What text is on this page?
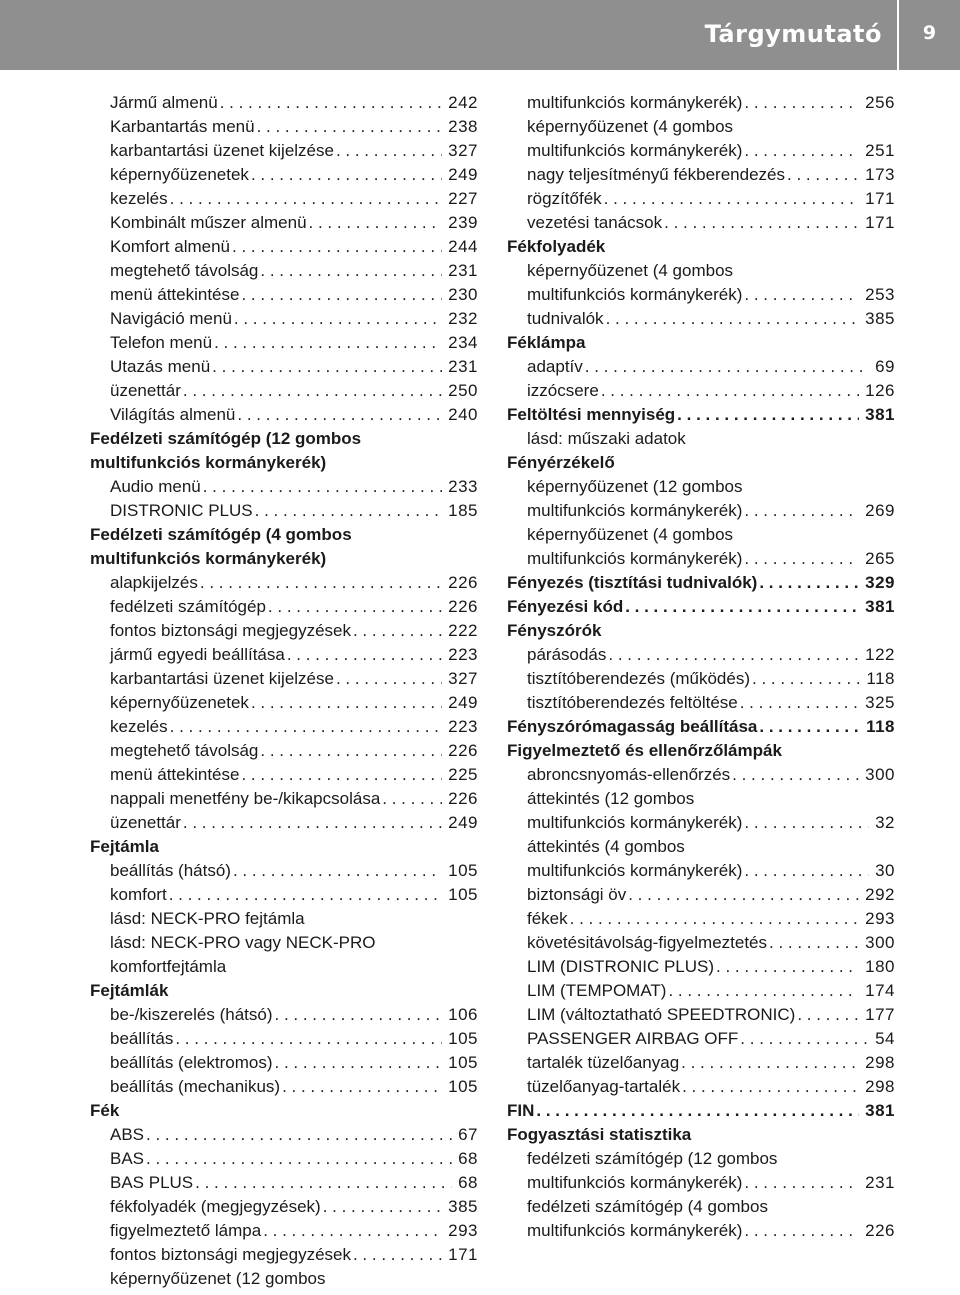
Tárgymutató	9
Jármű almenü . . .	242
Karbantartás menü . . .	238
karbantartási üzenet kijelzése . . .	327
képernyőüzenetek . . .	249
kezelés . . .	227
Kombinált műszer almenü . . .	239
Komfort almenü . . .	244
megtehető távolság . . .	231
menü áttekintése . . .	230
Navigáció menü . . .	232
Telefon menü . . .	234
Utazás menü . . .	231
üzenettár . . .	250
Világítás almenü . . .	240
Fedélzeti számítógép (12 gombos
multifunkciós kormánykerék)
Audio menü . . .	233
DISTRONIC PLUS . . .	185
Fedélzeti számítógép (4 gombos
multifunkciós kormánykerék)
alapkijelzés . . .	226
fedélzeti számítógép . . .	226
fontos biztonsági megjegyzések . . .	222
jármű egyedi beállítása . . .	223
karbantartási üzenet kijelzése . . .	327
képernyőüzenetek . . .	249
kezelés . . .	223
megtehető távolság . . .	226
menü áttekintése . . .	225
nappali menetfény be-/kikapcsolása . . .	226
üzenettár . . .	249
Fejtámla
beállítás (hátsó) . . .	105
komfort . . .	105
lásd: NECK-PRO fejtámla
lásd: NECK-PRO vagy NECK-PRO
komfortfejtámla
Fejtámlák
be-/kiszerelés (hátsó) . . .	106
beállítás . . .	105
beállítás (elektromos) . . .	105
beállítás (mechanikus) . . .	105
Fék
ABS . . .	67
BAS . . .	68
BAS PLUS . . .	68
fékfolyadék (megjegyzések) . . .	385
figyelmeztető lámpa . . .	293
fontos biztonsági megjegyzések . . .	171
képernyőüzenet (12 gombos
multifunkciós kormánykerék) . . .	256
képernyőüzenet (4 gombos
multifunkciós kormánykerék) . . .	251
nagy teljesítményű fékberendezés . . .	173
rögzítőfék . . .	171
vezetési tanácsok . . .	171
Fékfolyadék
képernyőüzenet (4 gombos
multifunkciós kormánykerék) . . .	253
tudnivalók . . .	385
Féklámpa
adaptív . . .	69
izzócsere . . .	126
Feltöltési mennyiség . . .	381
lásd: műszaki adatok
Fényérzékelő
képernyőüzenet (12 gombos
multifunkciós kormánykerék) . . .	269
képernyőüzenet (4 gombos
multifunkciós kormánykerék) . . .	265
Fényezés (tisztítási tudnivalók) . . .	329
Fényezési kód . . .	381
Fényszórók
párásodás . . .	122
tisztítóberendezés (működés) . . .	118
tisztítóberendezés feltöltése . . .	325
Fényszórómagasság beállítása . . .	118
Figyelmeztető és ellenőrzőlámpák
abroncsnyomás-ellenőrzés . . .	300
áttekintés (12 gombos
multifunkciós kormánykerék) . . .	32
áttekintés (4 gombos
multifunkciós kormánykerék) . . .	30
biztonsági öv . . .	292
fékek . . .	293
követésitávolság-figyelmeztetés . . .	300
LIM (DISTRONIC PLUS) . . .	180
LIM (TEMPOMAT) . . .	174
LIM (változtatható SPEEDTRONIC) . . .	177
PASSENGER AIRBAG OFF . . .	54
tartalék tüzelőanyag . . .	298
tüzelőanyag-tartalék . . .	298
FIN . . .	381
Fogyasztási statisztika
fedélzeti számítógép (12 gombos
multifunkciós kormánykerék) . . .	231
fedélzeti számítógép (4 gombos
multifunkciós kormánykerék) . . .	226
